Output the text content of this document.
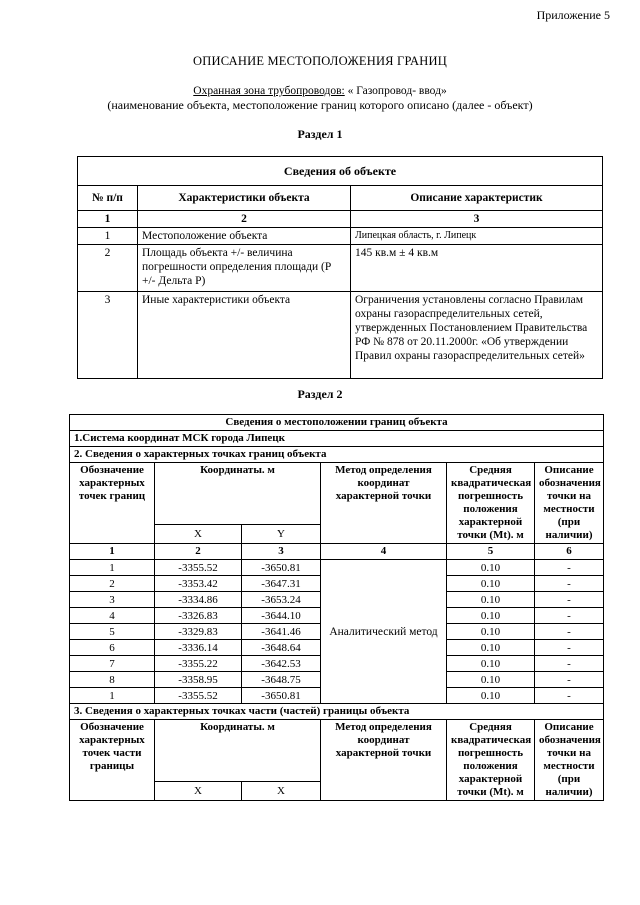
Приложение 5
ОПИСАНИЕ МЕСТОПОЛОЖЕНИЯ ГРАНИЦ
Охранная зона трубопроводов: « Газопровод- ввод»
(наименование объекта, местоположение границ которого описано (далее - объект)
Раздел 1
Сведения об объекте		
№ п/п	Характеристики объекта	Описание характеристик
1	2	3
1	Местоположение объекта	Липецкая область, г. Липецк
2	Площадь объекта +/- величина погрешности определения площади (Р +/- Дельта Р)	145 кв.м ± 4 кв.м
3	Иные характеристики объекта	Ограничения установлены согласно Правилам охраны газораспределительных сетей, утвержденных Постановлением Правительства РФ № 878 от 20.11.2000г. «Об утверждении Правил охраны газораспределительных сетей»
Раздел 2
Сведения о местоположении границ объекта					
1.Система координат МСК города Липецк					
2. Сведения о характерных точках границ объекта					
Обозначение характерных точек границ	Координаты. м		Метод определения координат характерной точки	Средняя квадратическая погрешность положения характерной точки (Mt). м	Описание обозначения точки на местности (при наличии)
	X	Y			
1	2	3	4	5	6
1	-3355.52	-3650.81	Аналитический метод	0.10	-
2	-3353.42	-3647.31		0.10	-
3	-3334.86	-3653.24		0.10	-
4	-3326.83	-3644.10		0.10	-
5	-3329.83	-3641.46		0.10	-
6	-3336.14	-3648.64		0.10	-
7	-3355.22	-3642.53		0.10	-
8	-3358.95	-3648.75		0.10	-
1	-3355.52	-3650.81		0.10	-
3. Сведения о характерных точках части (частей) границы объекта					
Обозначение характерных точек части границы	Координаты. м		Метод определения координат характерной точки	Средняя квадратическая погрешность положения характерной точки (Mt). м	Описание обозначения точки на местности (при наличии)
	X	X			
